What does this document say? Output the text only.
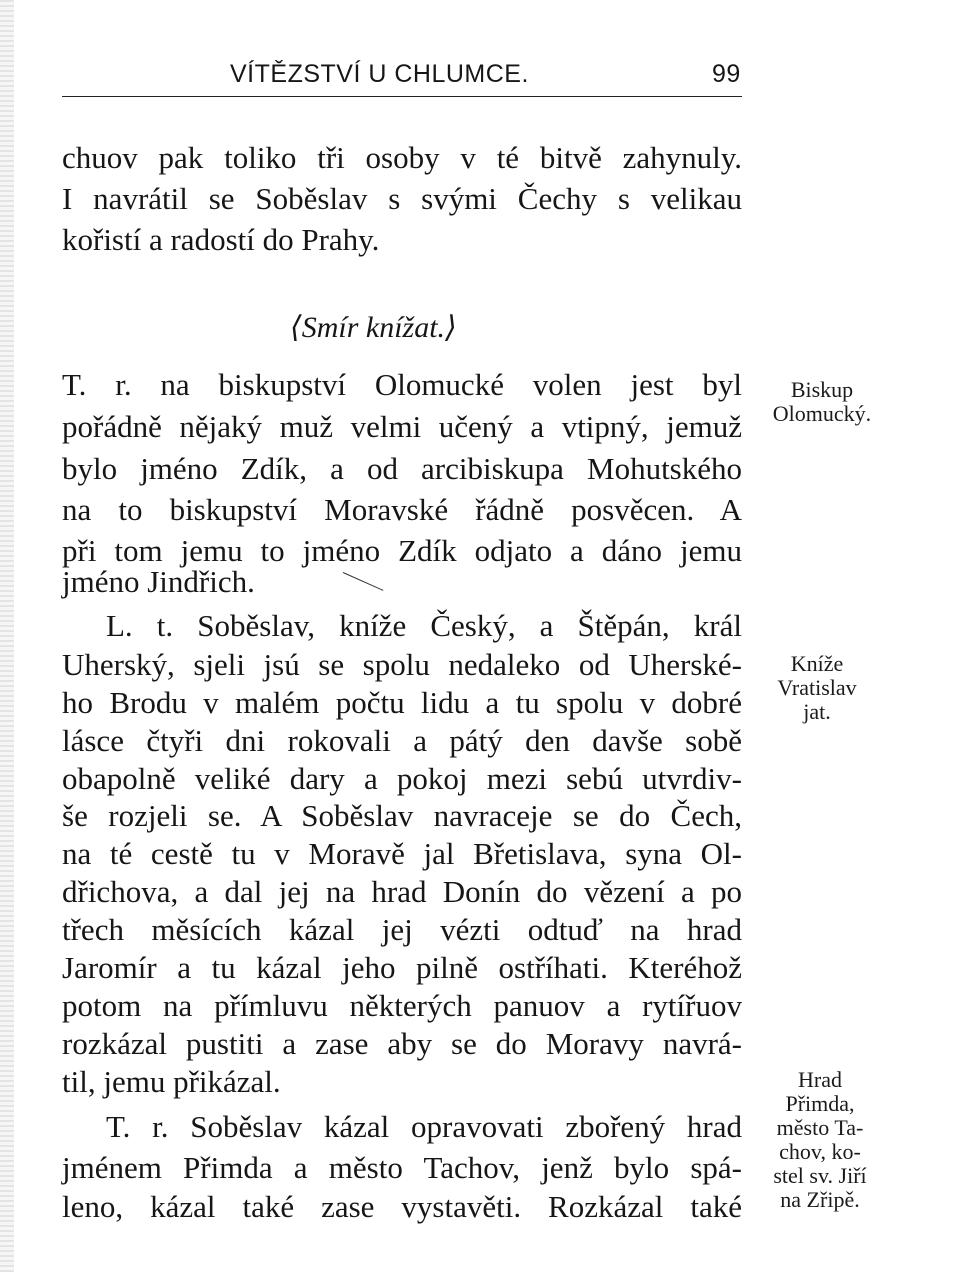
VÍTĚZSTVÍ U CHLUMCE.	99
chuov pak toliko tři osoby v té bitvě zahynuly.
I navrátil se Soběslav s svými Čechy s velikau
kořistí a radostí do Prahy.
⟨Smír knížat.⟩
T. r. na biskupství Olomucké volen jest byl
pořádně nějaký muž velmi učený a vtipný, jemuž
bylo jméno Zdík, a od arcibiskupa Mohutského
na to biskupství Moravské řádně posvěcen. A
při tom jemu to jméno Zdík odjato a dáno jemu
jméno Jindřich.
L. t. Soběslav, kníže Český, a Štěpán, král
Uherský, sjeli jsú se spolu nedaleko od Uherské-
ho Brodu v malém počtu lidu a tu spolu v dobré
lásce čtyři dni rokovali a pátý den davše sobě
obapolně veliké dary a pokoj mezi sebú utvrdiv-
še rozjeli se. A Soběslav navraceje se do Čech,
na té cestě tu v Moravě jal Břetislava, syna Ol-
dřichova, a dal jej na hrad Donín do vězení a po
třech měsících kázal jej vézti odtuď na hrad
Jaromír a tu kázal jeho pilně ostříhati. Kteréhož
potom na přímluvu některých panuov a rytířuov
rozkázal pustiti a zase aby se do Moravy navrá-
til, jemu přikázal.
T. r. Soběslav kázal opravovati zbořený hrad
jménem Přimda a město Tachov, jenž bylo spá-
leno, kázal také zase vystavěti. Rozkázal také
Biskup
Olomucký.
Kníže
Vratislav
jat.
Hrad
Přimda,
město Ta-
chov, ko-
stel sv. Jiří
na Zřipě.
